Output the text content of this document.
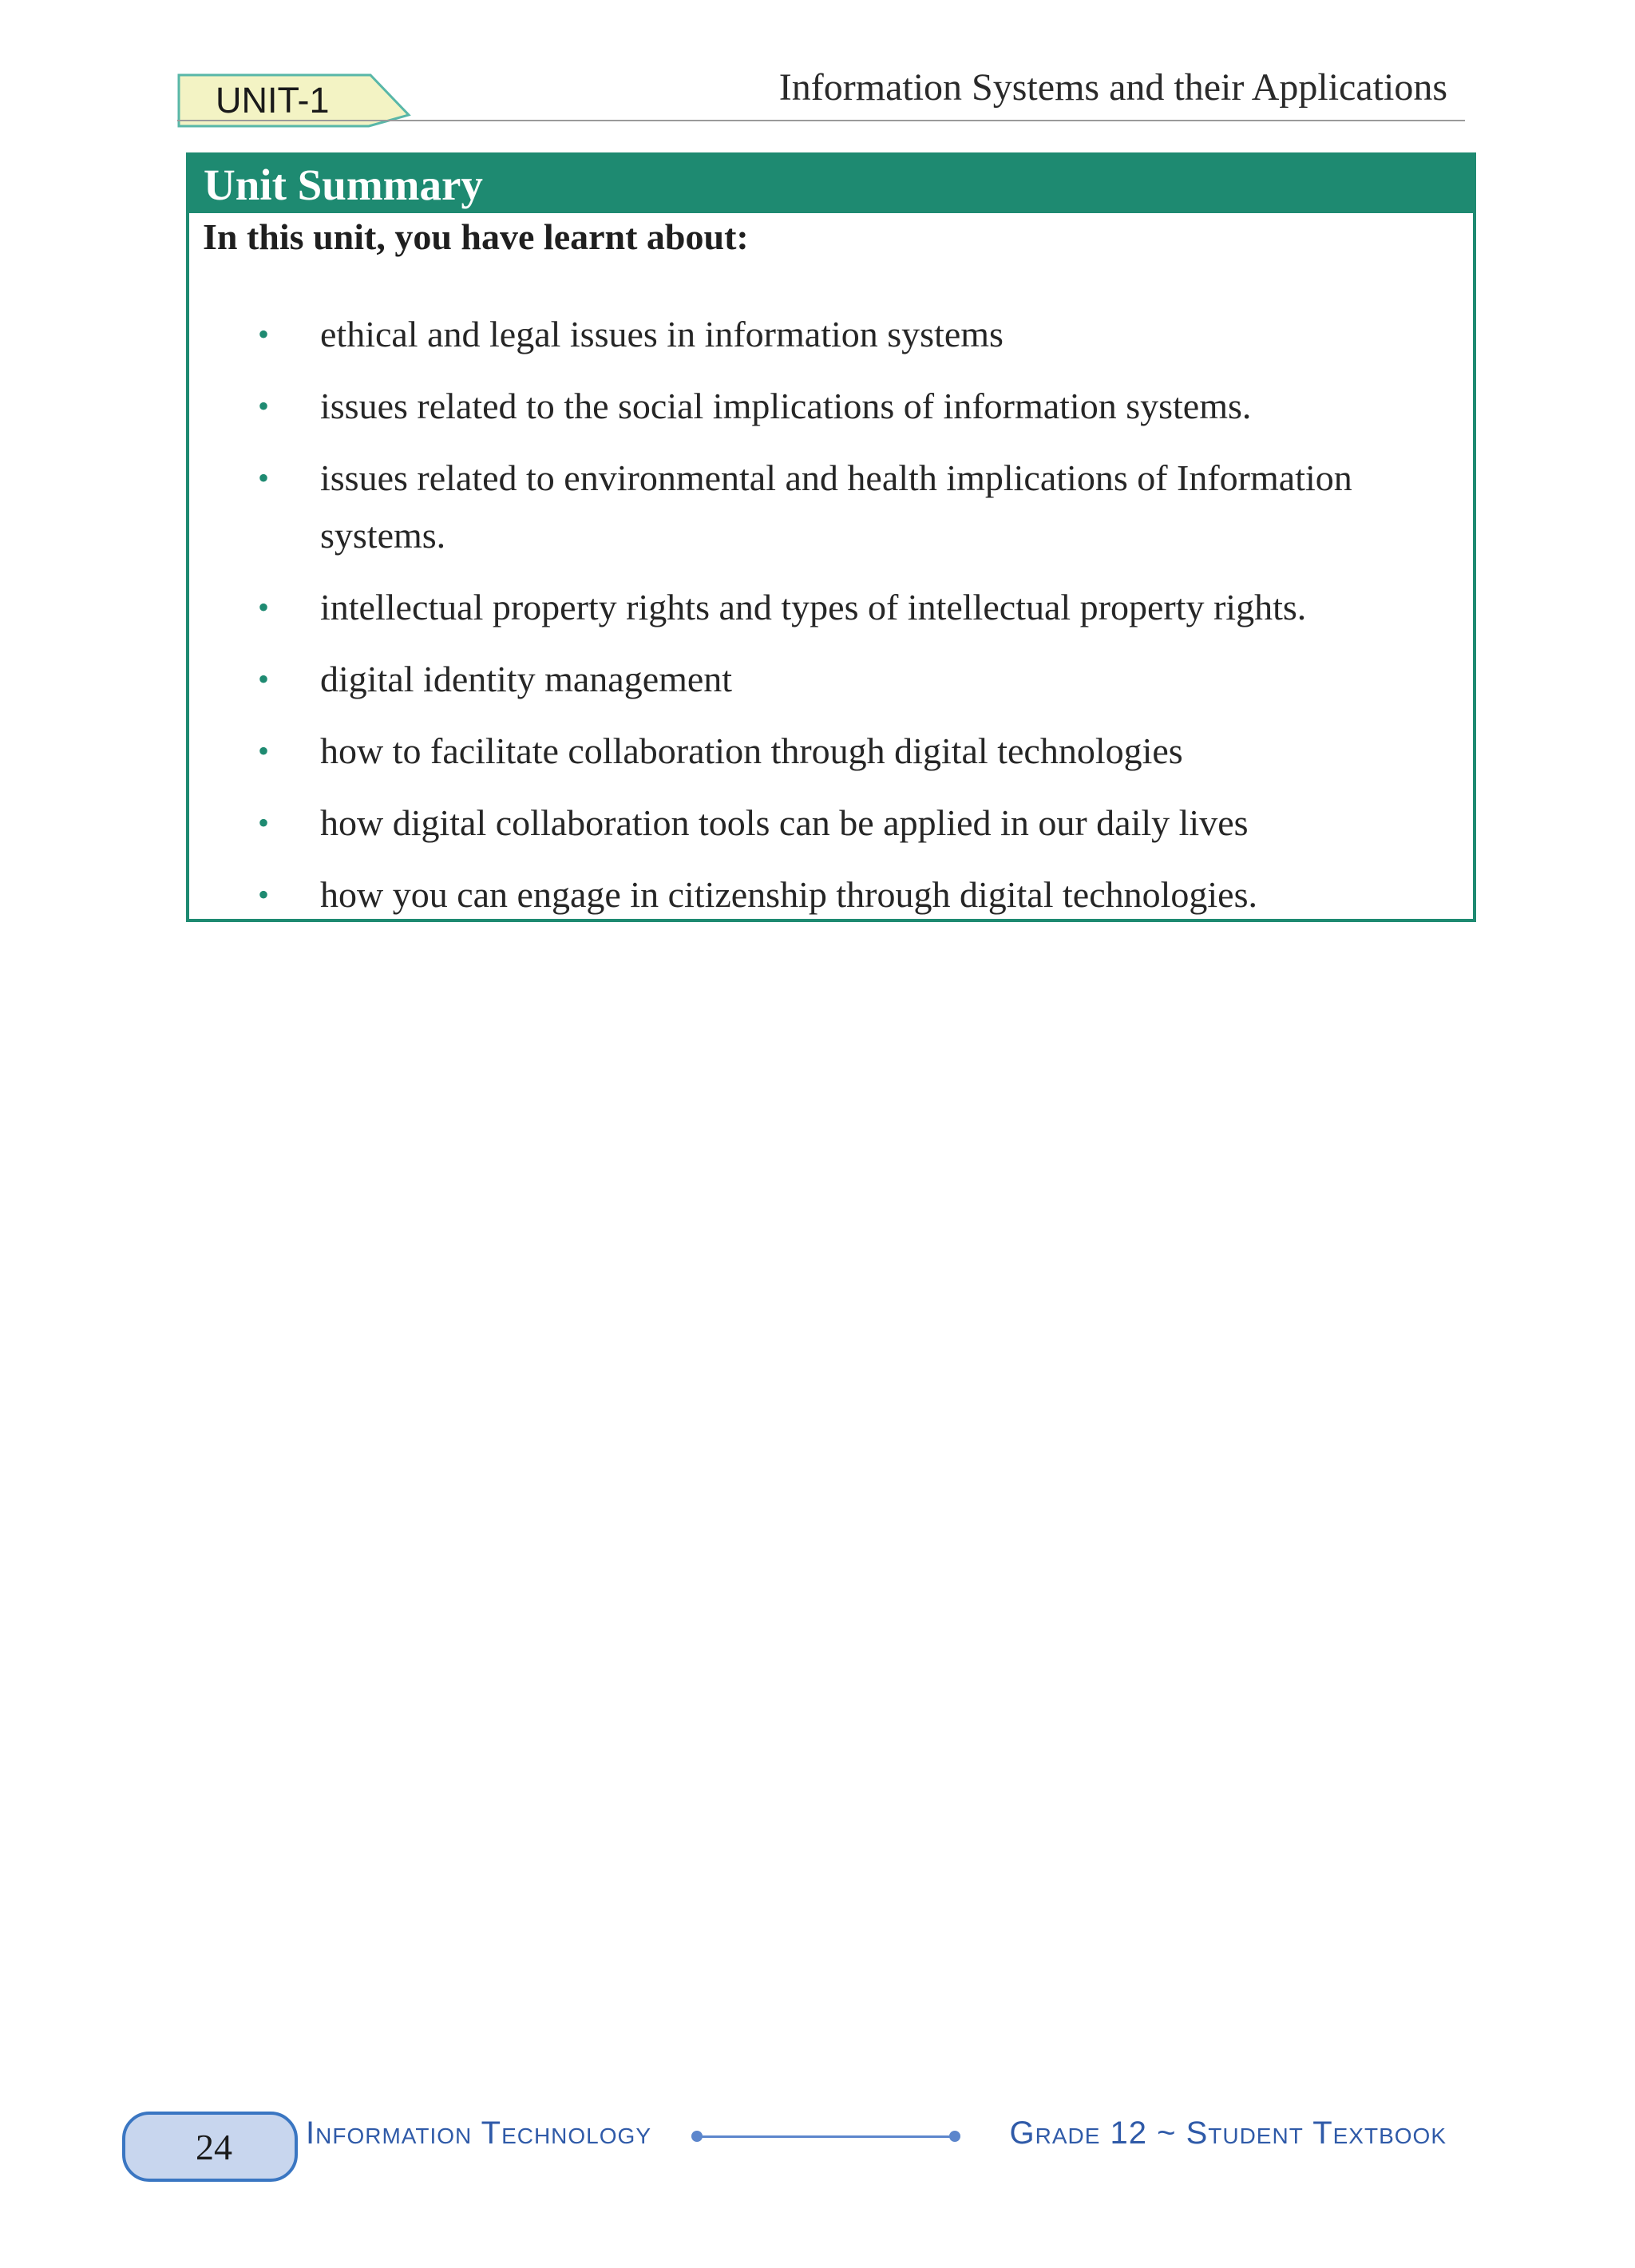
UNIT-1	Information Systems and their Applications
Unit Summary

In this unit, you have learnt about:

• ethical and legal issues in information systems
• issues related to the social implications of information systems.
• issues related to environmental and health implications of Information systems.
• intellectual property rights and types of intellectual property rights.
• digital identity management
• how to facilitate collaboration through digital technologies
• how digital collaboration tools can be applied in our daily lives
• how you can engage in citizenship through digital technologies.
24 Information Technology	Grade 12 ~ Student Textbook
